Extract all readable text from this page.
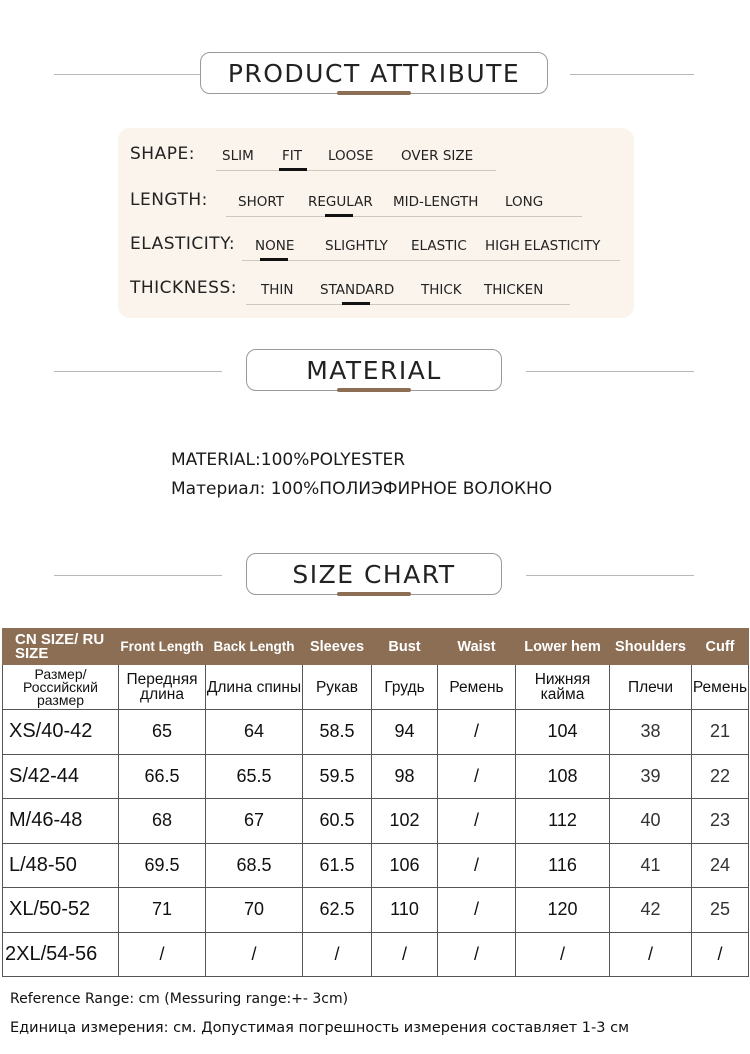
PRODUCT ATTRIBUTE
SHAPE: SLIM FIT LOOSE OVER SIZE
LENGTH: SHORT REGULAR MID-LENGTH LONG
ELASTICITY: NONE SLIGHTLY ELASTIC HIGH ELASTICITY
THICKNESS: THIN STANDARD THICK THICKEN
MATERIAL
MATERIAL:100%POLYESTER
Материал: 100%ПОЛИЭФИРНОЕ ВОЛОКНО
SIZE CHART
CN SIZE/ RU SIZE	Front Length	Back Length	Sleeves	Bust	Waist	Lower hem	Shoulders	Cuff
Размер/ Российский размер	Передняя длина	Длина спины	Рукав	Грудь	Ремень	Нижняя кайма	Плечи	Ремень
XS/40-42	65	64	58.5	94	/	104	38	21
S/42-44	66.5	65.5	59.5	98	/	108	39	22
M/46-48	68	67	60.5	102	/	112	40	23
L/48-50	69.5	68.5	61.5	106	/	116	41	24
XL/50-52	71	70	62.5	110	/	120	42	25
2XL/54-56	/	/	/	/	/	/	/	/
Reference Range: cm (Messuring range:+- 3cm)
Единица измерения: см. Допустимая погрешность измерения составляет 1-3 см
